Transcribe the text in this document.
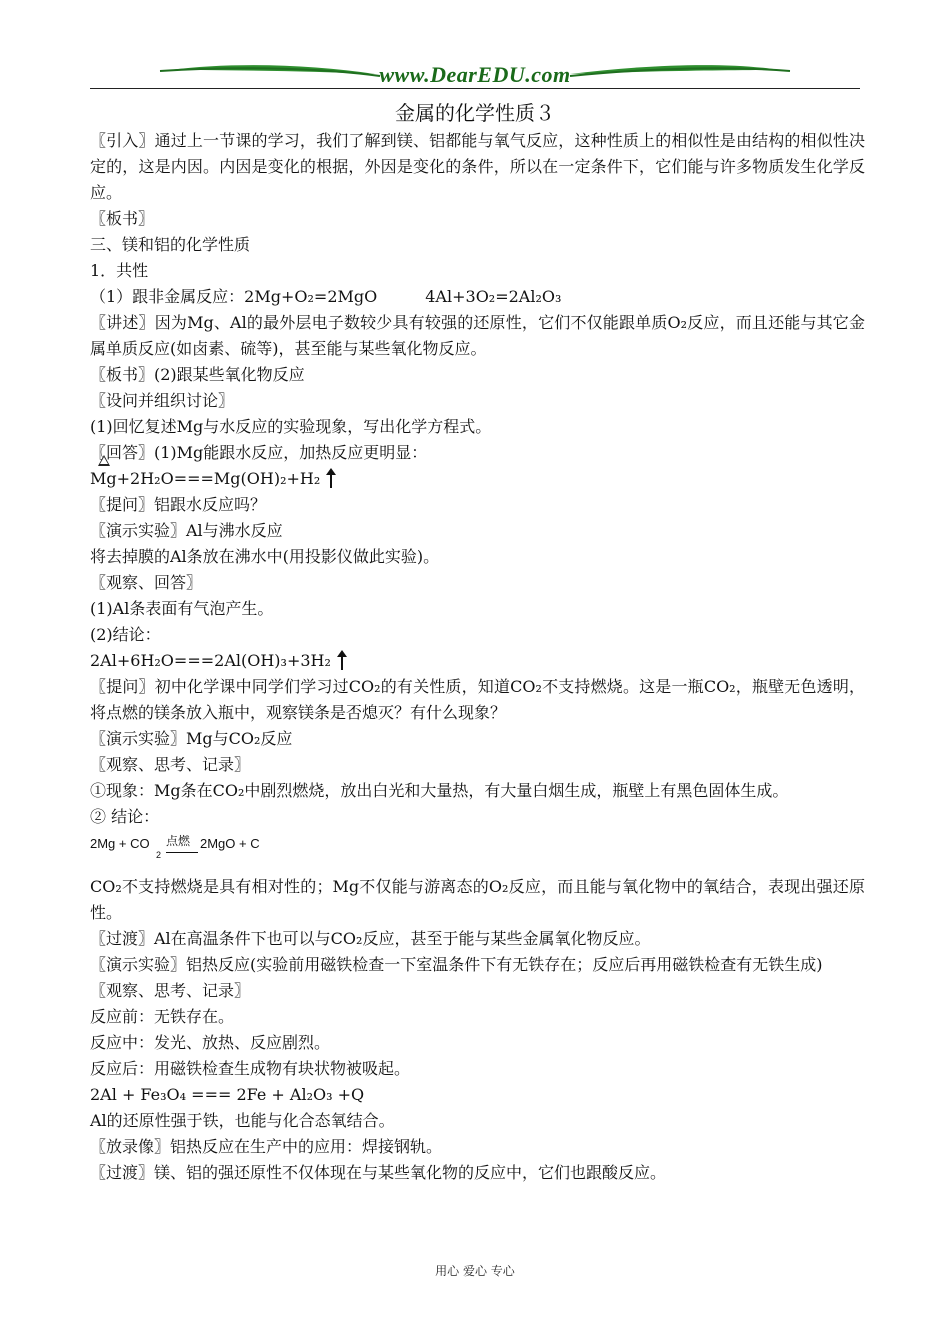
www.DearEDU.com
金属的化学性质３
〖引入〗通过上一节课的学习，我们了解到镁、铝都能与氧气反应，这种性质上的相似性是由结构的相似性决定的，这是内因。内因是变化的根据，外因是变化的条件，所以在一定条件下，它们能与许多物质发生化学反应。
〖板书〗
三、镁和铝的化学性质
1．共性
（1）跟非金属反应：2Mg+O₂=2MgO　　　4Al+3O₂=2Al₂O₃
〖讲述〗因为Mg、Al的最外层电子数较少具有较强的还原性，它们不仅能跟单质O₂反应，而且还能与其它金属单质反应(如卤素、硫等)，甚至能与某些氧化物反应。
〖板书〗(2)跟某些氧化物反应
〖设问并组织讨论〗
(1)回忆复述Mg与水反应的实验现象，写出化学方程式。
〖回答〗(1)Mg能跟水反应，加热反应更明显：
Mg+2H₂O===Mg(OH)₂+H₂
〖提问〗铝跟水反应吗？
〖演示实验〗Al与沸水反应
将去掉膜的Al条放在沸水中(用投影仪做此实验)。
〖观察、回答〗
(1)Al条表面有气泡产生。
(2)结论：
2Al+6H₂O===2Al(OH)₃+3H₂
〖提问〗初中化学课中同学们学习过CO₂的有关性质，知道CO₂不支持燃烧。这是一瓶CO₂，瓶壁无色透明，将点燃的镁条放入瓶中，观察镁条是否熄灭？有什么现象？
〖演示实验〗Mg与CO₂反应
〖观察、思考、记录〗
①现象：Mg条在CO₂中剧烈燃烧，放出白光和大量热，有大量白烟生成，瓶壁上有黑色固体生成。
② 结论：
2Mg + CO
2
点燃 2MgO + C
CO₂不支持燃烧是具有相对性的；Mg不仅能与游离态的O₂反应，而且能与氧化物中的氧结合，表现出强还原性。
〖过渡〗Al在高温条件下也可以与CO₂反应，甚至于能与某些金属氧化物反应。
〖演示实验〗铝热反应(实验前用磁铁检查一下室温条件下有无铁存在；反应后再用磁铁检查有无铁生成)
〖观察、思考、记录〗
反应前：无铁存在。
反应中：发光、放热、反应剧烈。
反应后：用磁铁检查生成物有块状物被吸起。
2Al + Fe₃O₄ === 2Fe + Al₂O₃ +Q
Al的还原性强于铁，也能与化合态氧结合。
〖放录像〗铝热反应在生产中的应用：焊接钢轨。
〖过渡〗镁、铝的强还原性不仅体现在与某些氧化物的反应中，它们也跟酸反应。
用心 爱心 专心
